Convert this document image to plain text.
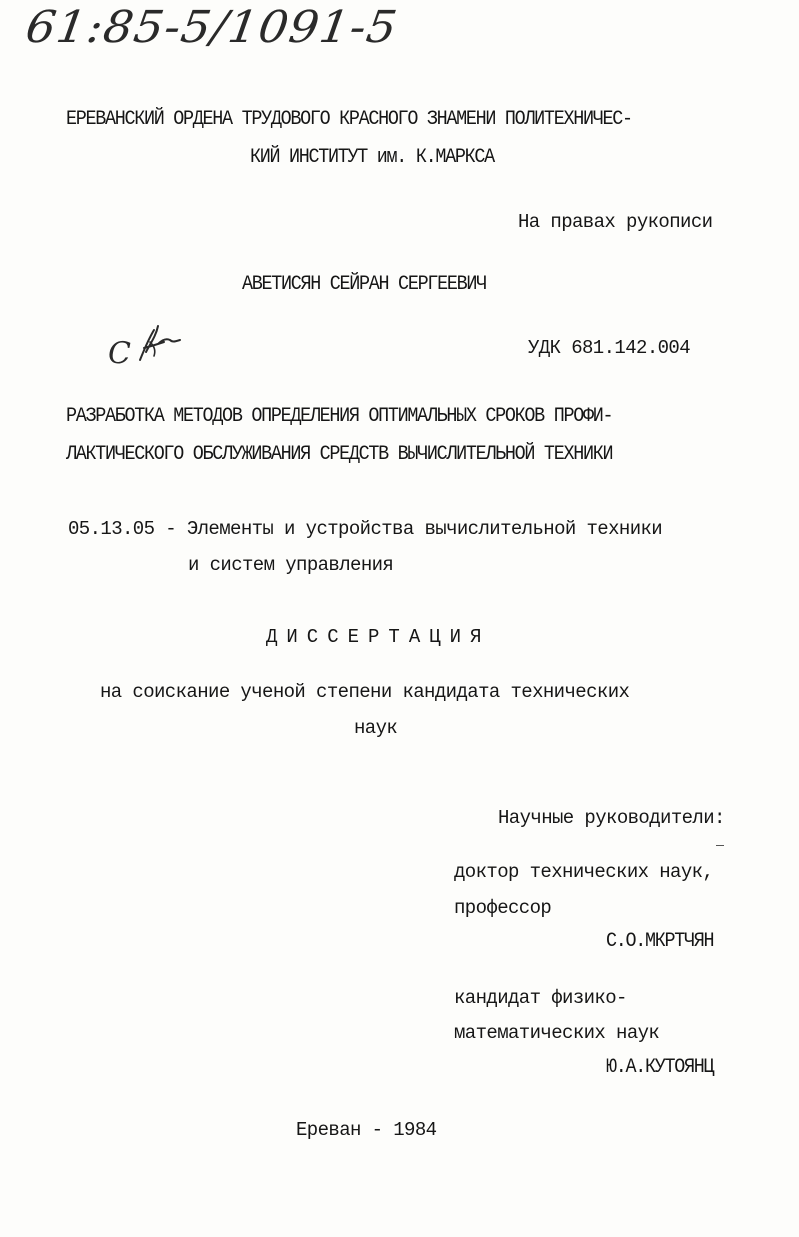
61:85-5/1091-5
ЕРЕВАНСКИЙ ОРДЕНА ТРУДОВОГО КРАСНОГО ЗНАМЕНИ ПОЛИТЕХНИЧЕС-
КИЙ ИНСТИТУТ им. К.МАРКСА
На правах рукописи
АВЕТИСЯН СЕЙРАН СЕРГЕЕВИЧ
С	УДК 681.142.004
РАЗРАБОТКА МЕТОДОВ ОПРЕДЕЛЕНИЯ ОПТИМАЛЬНЫХ СРОКОВ ПРОФИ-
ЛАКТИЧЕСКОГО ОБСЛУЖИВАНИЯ СРЕДСТВ ВЫЧИСЛИТЕЛЬНОЙ ТЕХНИКИ
05.13.05 - Элементы и устройства вычислительной техники
и систем управления
ДИССЕРТАЦИЯ
на соискание ученой степени кандидата технических
наук
Научные руководители:
доктор технических наук,
профессор
С.О.МКРТЧЯН
кандидат физико-
математических наук
Ю.А.КУТОЯНЦ
Ереван - 1984
